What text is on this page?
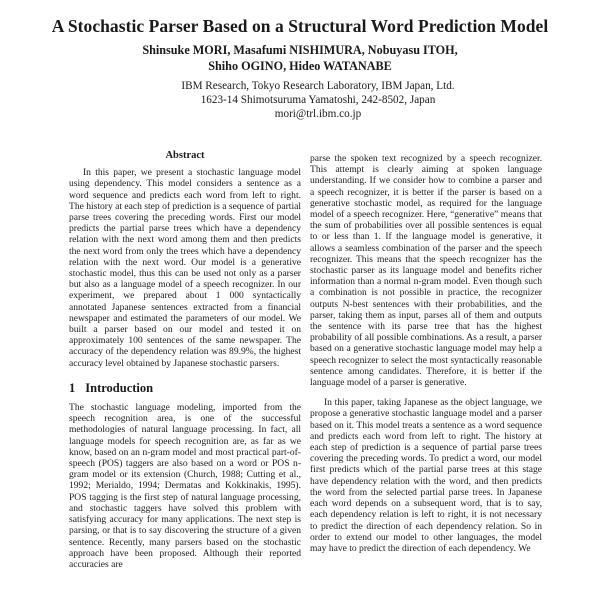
A Stochastic Parser Based on a Structural Word Prediction Model
Shinsuke MORI, Masafumi NISHIMURA, Nobuyasu ITOH,
Shiho OGINO, Hideo WATANABE
IBM Research, Tokyo Research Laboratory, IBM Japan, Ltd.
1623-14 Shimotsuruma Yamatoshi, 242-8502, Japan
mori@trl.ibm.co.jp
Abstract

In this paper, we present a stochastic language model using dependency. This model considers a sentence as a word sequence and predicts each word from left to right. The history at each step of prediction is a sequence of partial parse trees covering the preceding words. First our model predicts the partial parse trees which have a dependency relation with the next word among them and then predicts the next word from only the trees which have a dependency relation with the next word. Our model is a generative stochastic model, thus this can be used not only as a parser but also as a language model of a speech recognizer. In our experiment, we prepared about 1 000 syntactically annotated Japanese sentences extracted from a financial newspaper and estimated the parameters of our model. We built a parser based on our model and tested it on approximately 100 sentences of the same newspaper. The accuracy of the dependency relation was 89.9%, the highest accuracy level obtained by Japanese stochastic parsers.

1 Introduction

The stochastic language modeling, imported from the speech recognition area, is one of the successful methodologies of natural language processing. In fact, all language models for speech recognition are, as far as we know, based on an n-gram model and most practical part-of-speech (POS) taggers are also based on a word or POS n-gram model or its extension (Church, 1988; Cutting et al., 1992; Merialdo, 1994; Dermatas and Kokkinakis, 1995). POS tagging is the first step of natural language processing, and stochastic taggers have solved this problem with satisfying accuracy for many applications. The next step is parsing, or that is to say discovering the structure of a given sentence. Recently, many parsers based on the stochastic approach have been proposed. Although their reported accuracies are

parse the spoken text recognized by a speech recognizer. This attempt is clearly aiming at spoken language understanding. If we consider how to combine a parser and a speech recognizer, it is better if the parser is based on a generative stochastic model, as required for the language model of a speech recognizer. Here, “generative” means that the sum of probabilities over all possible sentences is equal to or less than 1. If the language model is generative, it allows a seamless combination of the parser and the speech recognizer. This means that the speech recognizer has the stochastic parser as its language model and benefits richer information than a normal n-gram model. Even though such a combination is not possible in practice, the recognizer outputs N-best sentences with their probabilities, and the parser, taking them as input, parses all of them and outputs the sentence with its parse tree that has the highest probability of all possible combinations. As a result, a parser based on a generative stochastic language model may help a speech recognizer to select the most syntactically reasonable sentence among candidates. Therefore, it is better if the language model of a parser is generative.

In this paper, taking Japanese as the object language, we propose a generative stochastic language model and a parser based on it. This model treats a sentence as a word sequence and predicts each word from left to right. The history at each step of prediction is a sequence of partial parse trees covering the preceding words. To predict a word, our model first predicts which of the partial parse trees at this stage have dependency relation with the word, and then predicts the word from the selected partial parse trees. In Japanese each word depends on a subsequent word, that is to say, each dependency relation is left to right, it is not necessary to predict the direction of each dependency relation. So in order to extend our model to other languages, the model may have to predict the direction of each dependency. We
